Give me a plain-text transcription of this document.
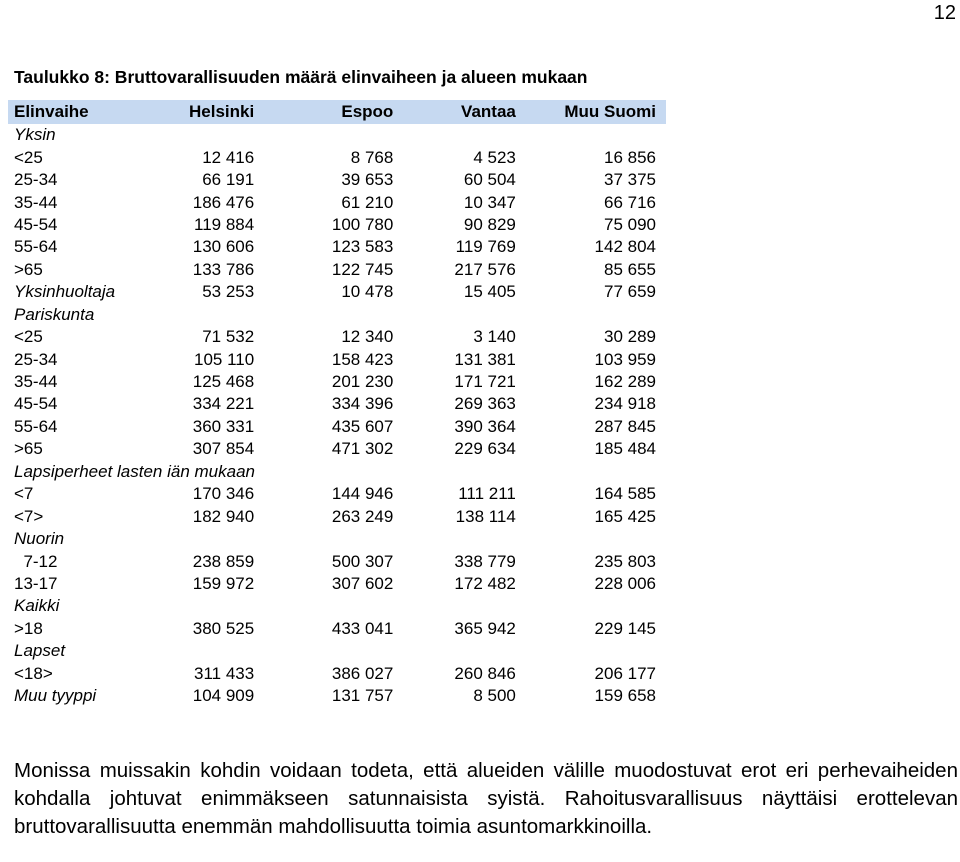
12
Taulukko 8: Bruttovarallisuuden määrä elinvaiheen ja alueen mukaan
Elinvaihe	Helsinki	Espoo	Vantaa	Muu Suomi
Yksin				
<25	12 416	8 768	4 523	16 856
25-34	66 191	39 653	60 504	37 375
35-44	186 476	61 210	10 347	66 716
45-54	119 884	100 780	90 829	75 090
55-64	130 606	123 583	119 769	142 804
>65	133 786	122 745	217 576	85 655
Yksinhuoltaja	53 253	10 478	15 405	77 659
Pariskunta				
<25	71 532	12 340	3 140	30 289
25-34	105 110	158 423	131 381	103 959
35-44	125 468	201 230	171 721	162 289
45-54	334 221	334 396	269 363	234 918
55-64	360 331	435 607	390 364	287 845
>65	307 854	471 302	229 634	185 484
Lapsiperheet lasten iän mukaan				
<7	170 346	144 946	111 211	164 585
<7>	182 940	263 249	138 114	165 425
Nuorin				
7-12	238 859	500 307	338 779	235 803
13-17	159 972	307 602	172 482	228 006
Kaikki				
>18	380 525	433 041	365 942	229 145
Lapset				
<18>	311 433	386 027	260 846	206 177
Muu tyyppi	104 909	131 757	8 500	159 658

Monissa muissakin kohdin voidaan todeta, että alueiden välille muodostuvat erot eri perhevaiheiden kohdalla johtuvat enimmäkseen satunnaisista syistä. Rahoitusvarallisuus näyttäisi erottelevan bruttovarallisuutta enemmän mahdollisuutta toimia asuntomarkkinoilla.
